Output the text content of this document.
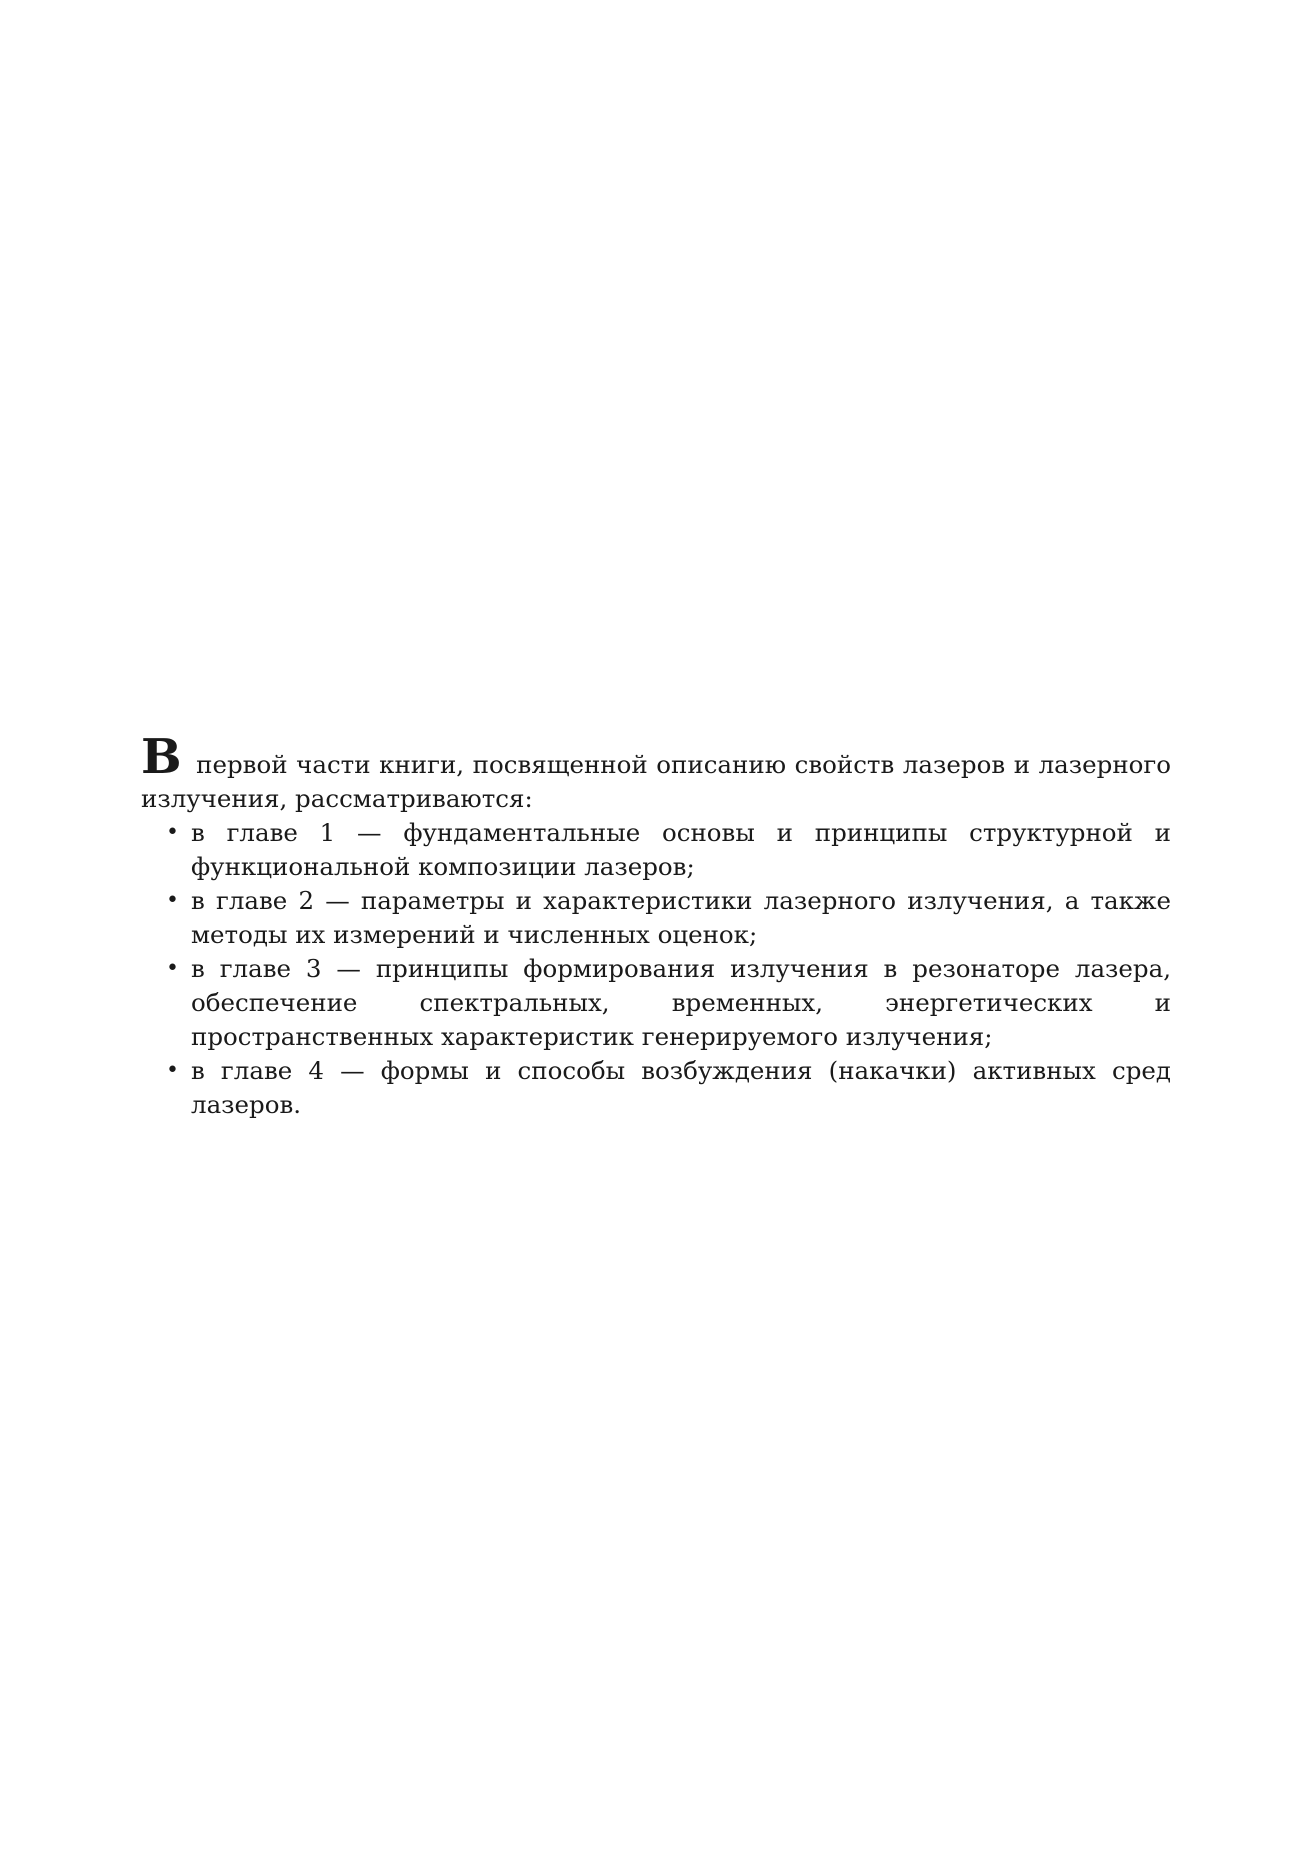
В первой части книги, посвященной описанию свойств лазеров и лазерного излучения, рассматриваются:

• в главе 1 — фундаментальные основы и принципы структурной и функциональной композиции лазеров;
• в главе 2 — параметры и характеристики лазерного излучения, а также методы их измерений и численных оценок;
• в главе 3 — принципы формирования излучения в резонаторе лазера, обеспечение спектральных, временных, энергетических и пространственных характеристик генерируемого излучения;
• в главе 4 — формы и способы возбуждения (накачки) активных сред лазеров.
